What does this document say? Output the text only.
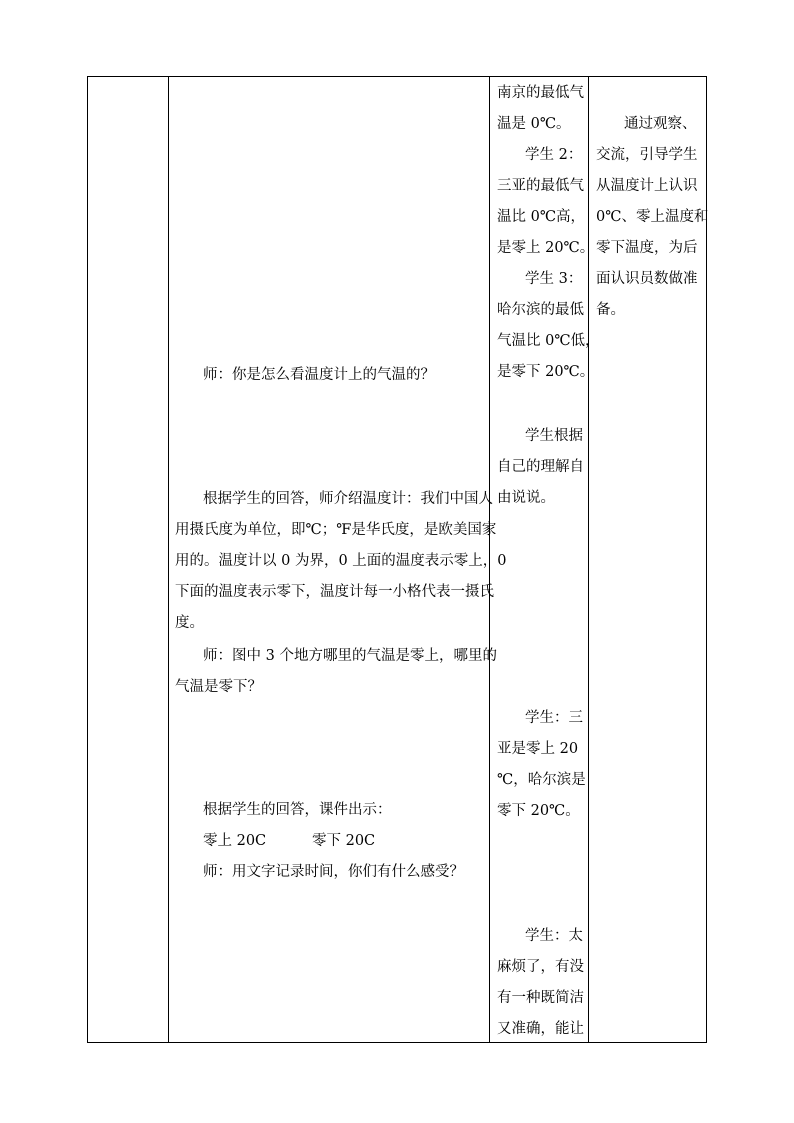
师：你是怎么看温度计上的气温的？
根据学生的回答，师介绍温度计：我们中国人
用摄氏度为单位，即℃；℉是华氏度，是欧美国家
用的。温度计以 0 为界，0 上面的温度表示零上，0
下面的温度表示零下，温度计每一小格代表一摄氏
度。
师：图中 3 个地方哪里的气温是零上，哪里的
气温是零下？
根据学生的回答，课件出示：
零上 20C	零下 20C
师：用文字记录时间，你们有什么感受？
南京的最低气
温是 0℃。
学生 2：
三亚的最低气
温比 0℃高，
是零上 20℃。
学生 3：
哈尔滨的最低
气温比 0℃低，
是零下 20℃。
学生根据
自己的理解自
由说说。
学生：三
亚是零上 20
℃，哈尔滨是
零下 20℃。
学生：太
麻烦了，有没
有一种既简洁
又准确，能让
通过观察、
交流，引导学生
从温度计上认识
0℃、零上温度和
零下温度，为后
面认识员数做准
备。
